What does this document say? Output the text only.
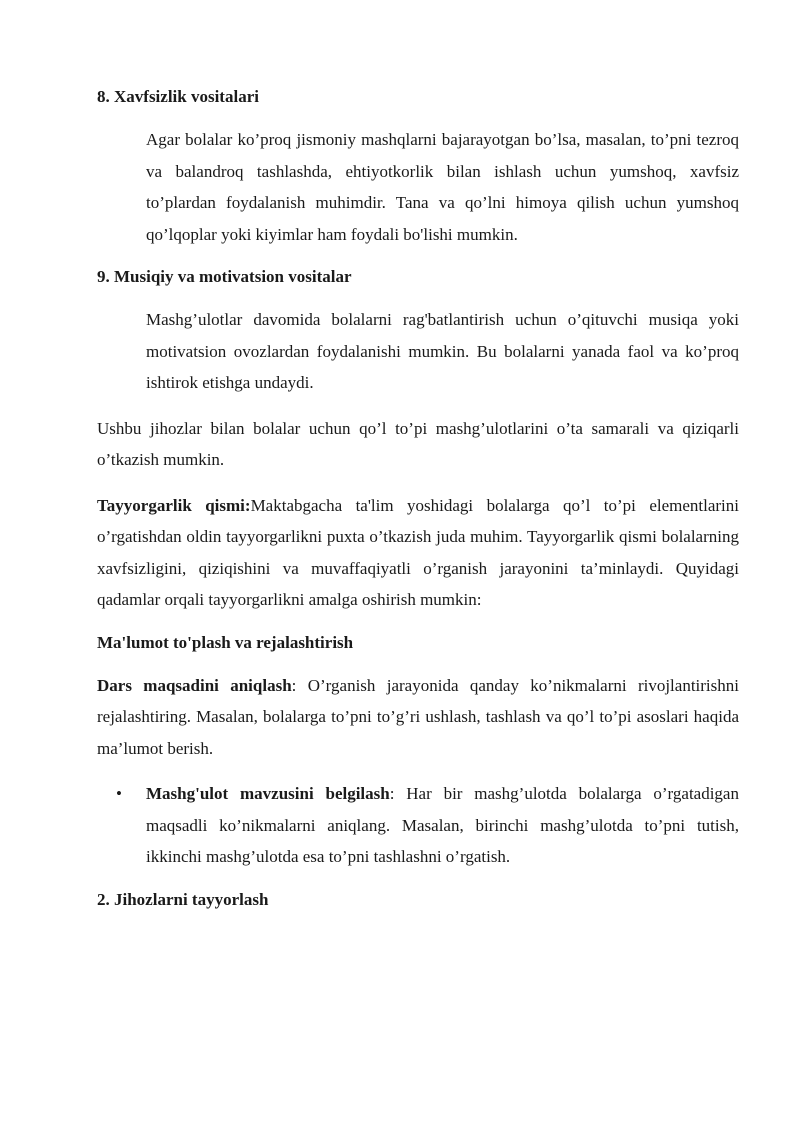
8. Xavfsizlik vositalari

Agar bolalar ko’proq jismoniy mashqlarni bajarayotgan bo’lsa, masalan, to’pni tezroq va balandroq tashlashda, ehtiyotkorlik bilan ishlash uchun yumshoq, xavfsiz to’plardan foydalanish muhimdir. Tana va qo’lni himoya qilish uchun yumshoq qo’lqoplar yoki kiyimlar ham foydali bo'lishi mumkin.

9. Musiqiy va motivatsion vositalar

Mashg’ulotlar davomida bolalarni rag'batlantirish uchun o’qituvchi musiqa yoki motivatsion ovozlardan foydalanishi mumkin. Bu bolalarni yanada faol va ko’proq ishtirok etishga undaydi.

Ushbu jihozlar bilan bolalar uchun qo’l to’pi mashg’ulotlarini o’ta samarali va qiziqarli o’tkazish mumkin.

Tayyorgarlik qismi:Maktabgacha ta'lim yoshidagi bolalarga qo’l to’pi elementlarini o’rgatishdan oldin tayyorgarlikni puxta o’tkazish juda muhim. Tayyorgarlik qismi bolalarning xavfsizligini, qiziqishini va muvaffaqiyatli o’rganish jarayonini ta’minlaydi. Quyidagi qadamlar orqali tayyorgarlikni amalga oshirish mumkin:

Ma'lumot to'plash va rejalashtirish

Dars maqsadini aniqlash: O’rganish jarayonida qanday ko’nikmalarni rivojlantirishni rejalashtiring. Masalan, bolalarga to’pni to’g’ri ushlash, tashlash va qo’l to’pi asoslari haqida ma’lumot berish.

• Mashg'ulot mavzusini belgilash: Har bir mashg’ulotda bolalarga o’rgatadigan maqsadli ko’nikmalarni aniqlang. Masalan, birinchi mashg’ulotda to’pni tutish, ikkinchi mashg’ulotda esa to’pni tashlashni o’rgatish.

2. Jihozlarni tayyorlash
